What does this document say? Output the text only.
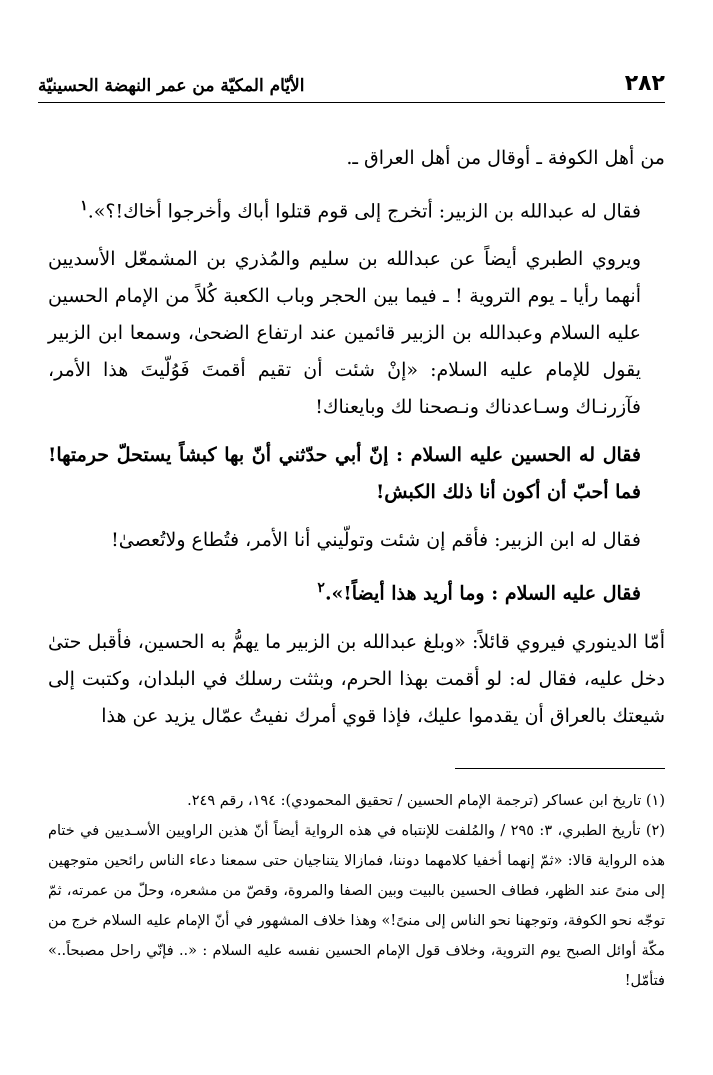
٢٨٢
الأيّام المكيّة من عمر النهضة الحسينيّة

من أهل الكوفة ـ أوقال من أهل العراق ـ.

فقال له عبدالله بن الزبير: أتخرج إلى قوم قتلوا أباك وأخرجوا أخاك!؟».$^١$

ويروي الطبري أيضاً عن عبدالله بن سليم والمُذري بن المشمعّل الأسديين أنهما رأيا ـ يوم التروية ! ـ فيما بين الحجر وباب الكعبة كُلاً من الإمام الحسين عليه السلام وعبدالله بن الزبير قائمين عند ارتفاع الضحىٰ، وسمعا ابن الزبير يقول للإمام عليه السلام: «إنْ شئت أن تقيم أقمتَ فَوُلّيتَ هذا الأمر، فآزرنـاك وسـاعدناك ونـصحنا لك وبايعناك!

فقال له الحسين عليه السلام : إنّ أبي حدّثني أنّ بها كبشاً يستحلّ حرمتها! فما أحبّ أن أكون أنا ذلك الكبش!

فقال له ابن الزبير: فأقم إن شئت وتولّيني أنا الأمر، فتُطاع ولاتُعصىٰ!

فقال عليه السلام : وما أريد هذا أيضاً!».$^٢$

أمّا الدينوري فيروي قائلاً: «وبلغ عبدالله بن الزبير ما يهمُّ به الحسين، فأقبل حتىٰ دخل عليه، فقال له: لو أقمت بهذا الحرم، وبثثت رسلك في البلدان، وكتبت إلى شيعتك بالعراق أن يقدموا عليك، فإذا قوي أمرك نفيتُ عمّال يزيد عن هذا

(١) تاريخ ابن عساكر (ترجمة الإمام الحسين / تحقيق المحمودي): ١٩٤، رقم ٢٤٩.

(٢) تأريخ الطبري، ٣: ٢٩٥ / والمُلفت للإنتباه في هذه الرواية أيضاً أنّ هذين الراويين الأسـديين في ختام هذه الرواية قالا: «ثمّ إنهما أخفيا كلامهما دوننا، فمازالا يتناجيان حتى سمعنا دعاء الناس رائحين متوجهين إلى منىً عند الظهر، فطاف الحسين بالبيت وبين الصفا والمروة، وقصّ من مشعره، وحلّ من عمرته، ثمّ توجّه نحو الكوفة، وتوجهنا نحو الناس إلى منىً!» وهذا خلاف المشهور في أنّ الإمام عليه السلام خرج من مكّة أوائل الصبح يوم التروية، وخلاف قول الإمام الحسين نفسه عليه السلام : «.. فإنّي راحل مصبحاً..» فتأمّل!
